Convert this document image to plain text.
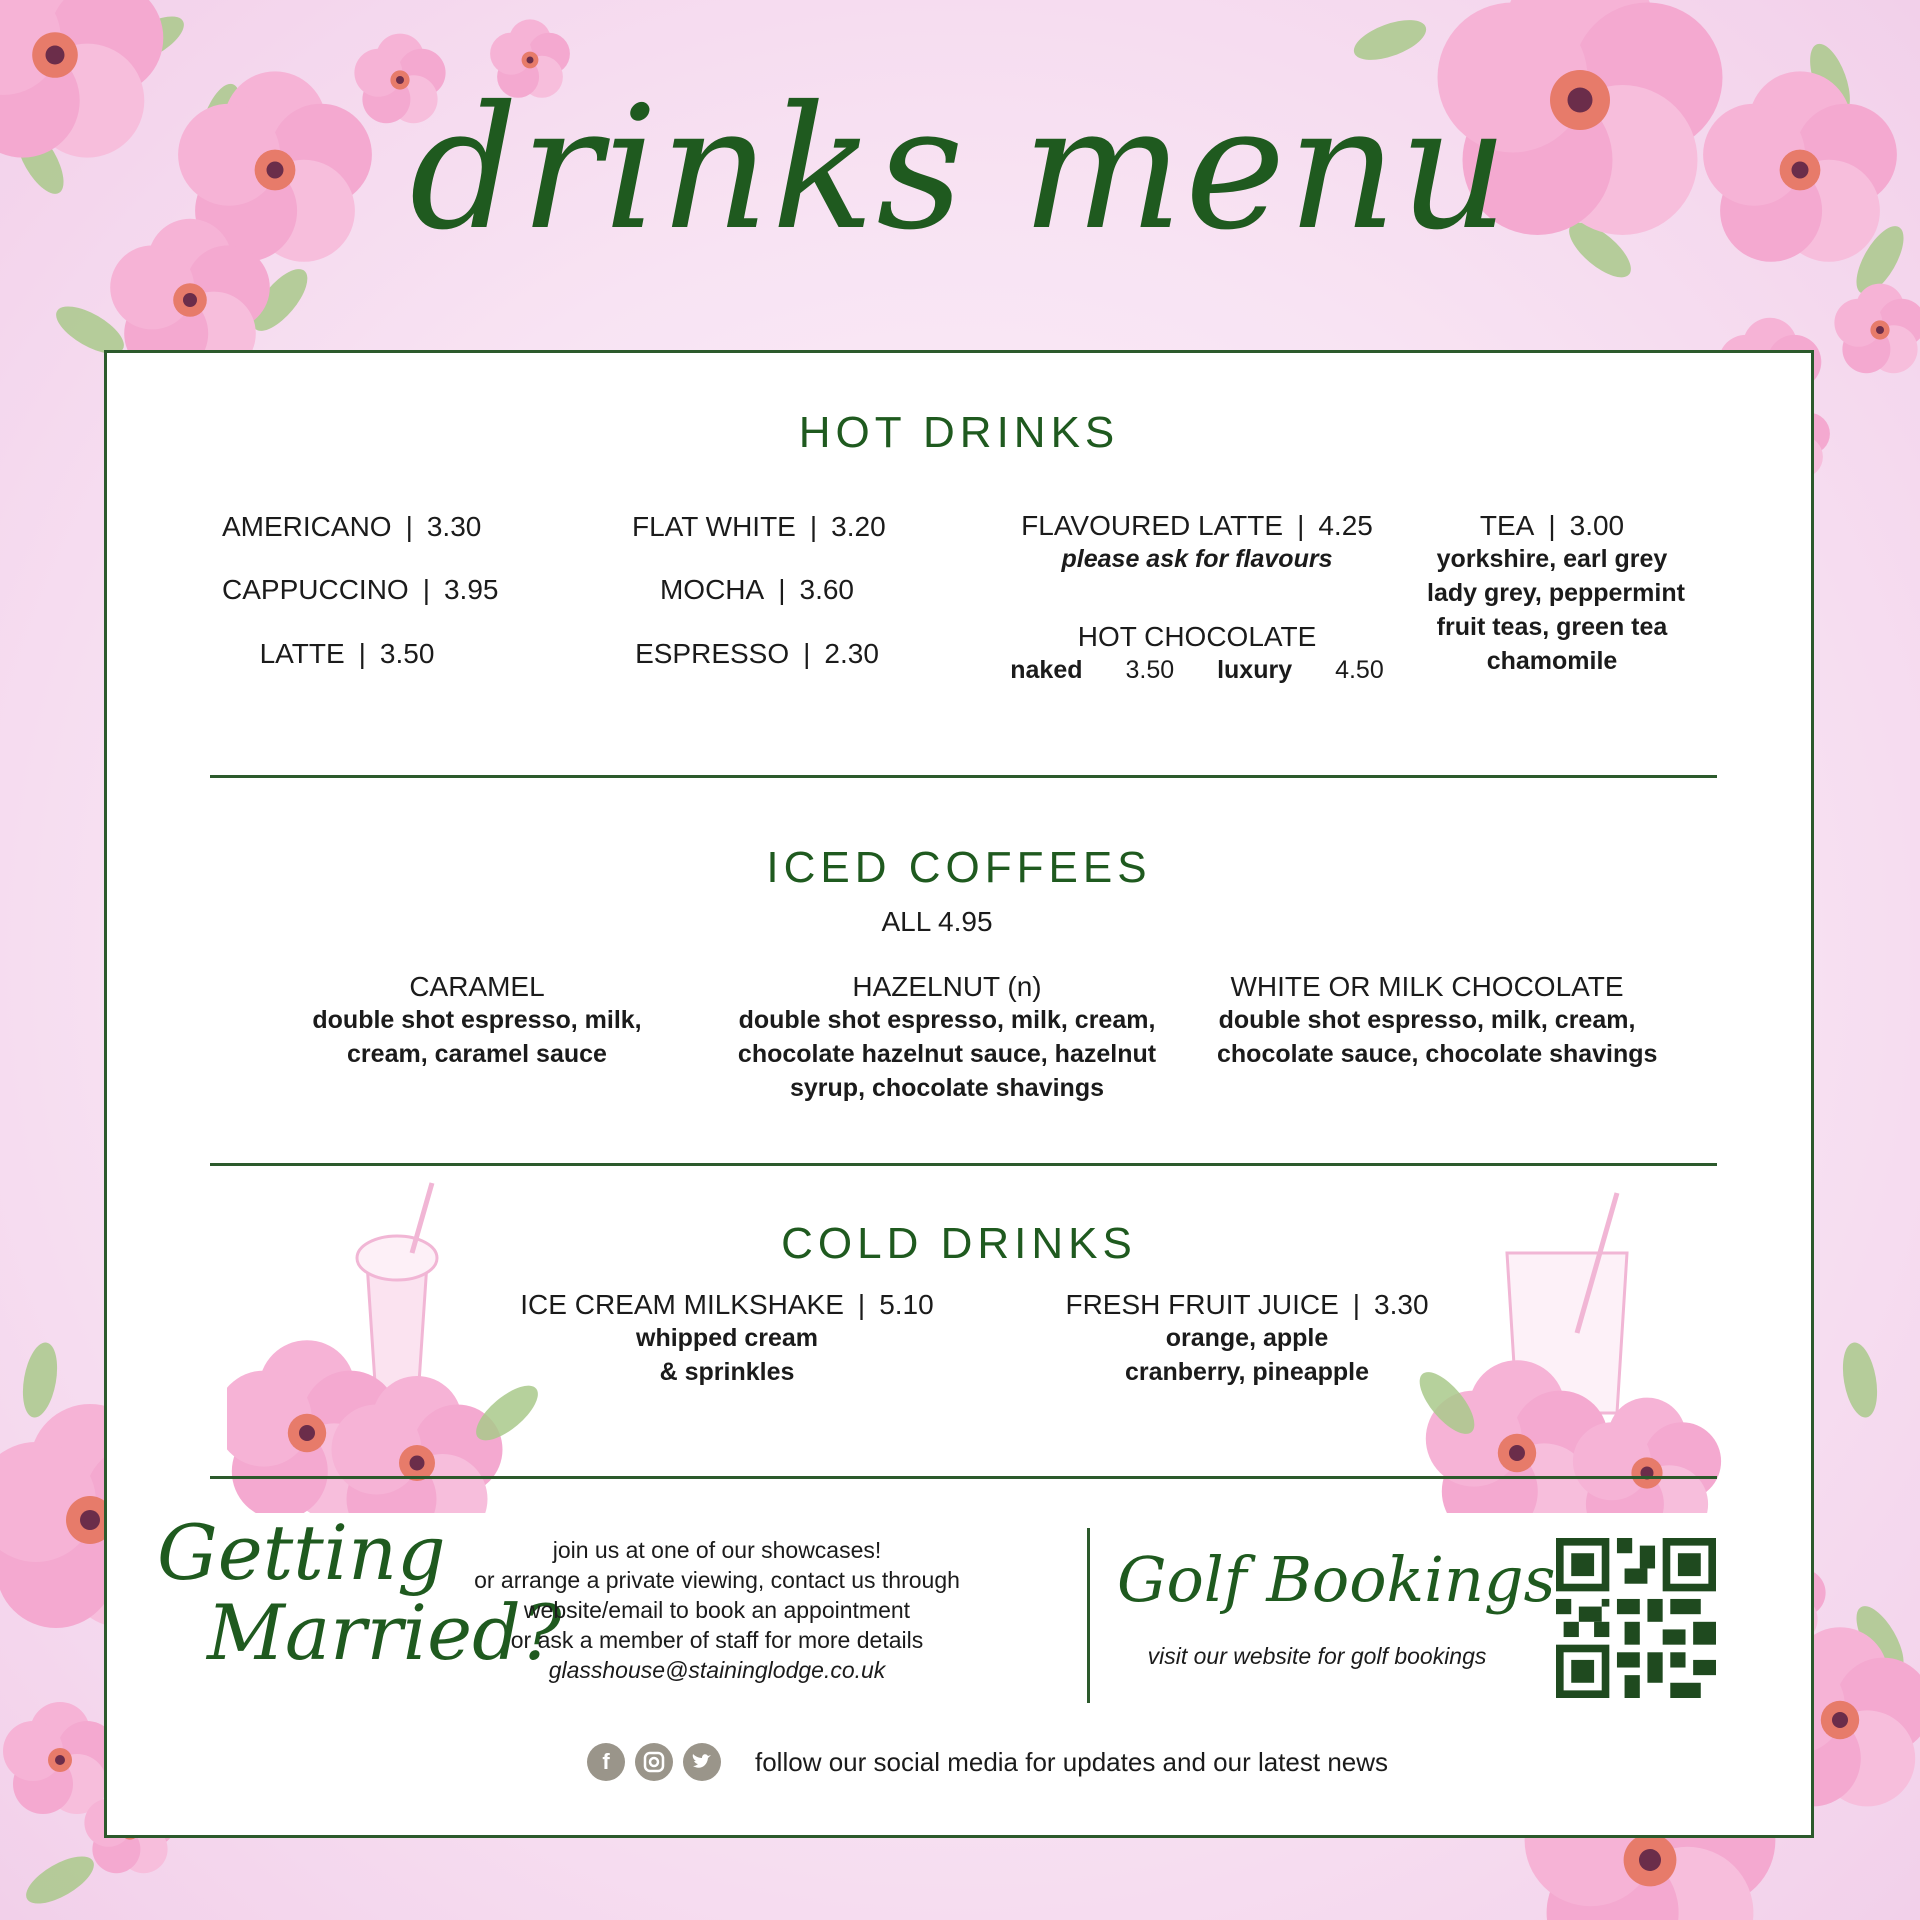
drinks menu
HOT DRINKS
AMERICANO | 3.30
CAPPUCCINO | 3.95
LATTE | 3.50
FLAT WHITE | 3.20
MOCHA | 3.60
ESPRESSO | 2.30
FLAVOURED LATTE | 4.25
please ask for flavours
HOT CHOCOLATE
naked 3.50 luxury 4.50
TEA | 3.00
yorkshire, earl grey
lady grey, peppermint
fruit teas, green tea
chamomile
ICED COFFEES
ALL 4.95
CARAMEL
double shot espresso, milk,
cream, caramel sauce
HAZELNUT (n)
double shot espresso, milk, cream,
chocolate hazelnut sauce, hazelnut
syrup, chocolate shavings
WHITE OR MILK CHOCOLATE
double shot espresso, milk, cream,
chocolate sauce, chocolate shavings
COLD DRINKS
ICE CREAM MILKSHAKE | 5.10
whipped cream
& sprinkles
FRESH FRUIT JUICE | 3.30
orange, apple
cranberry, pineapple
Getting
Married?
join us at one of our showcases!
or arrange a private viewing, contact us through
website/email to book an appointment
or ask a member of staff for more details
glasshouse@staininglodge.co.uk
Golf Bookings
visit our website for golf bookings
f	follow our social media for updates and our latest news
